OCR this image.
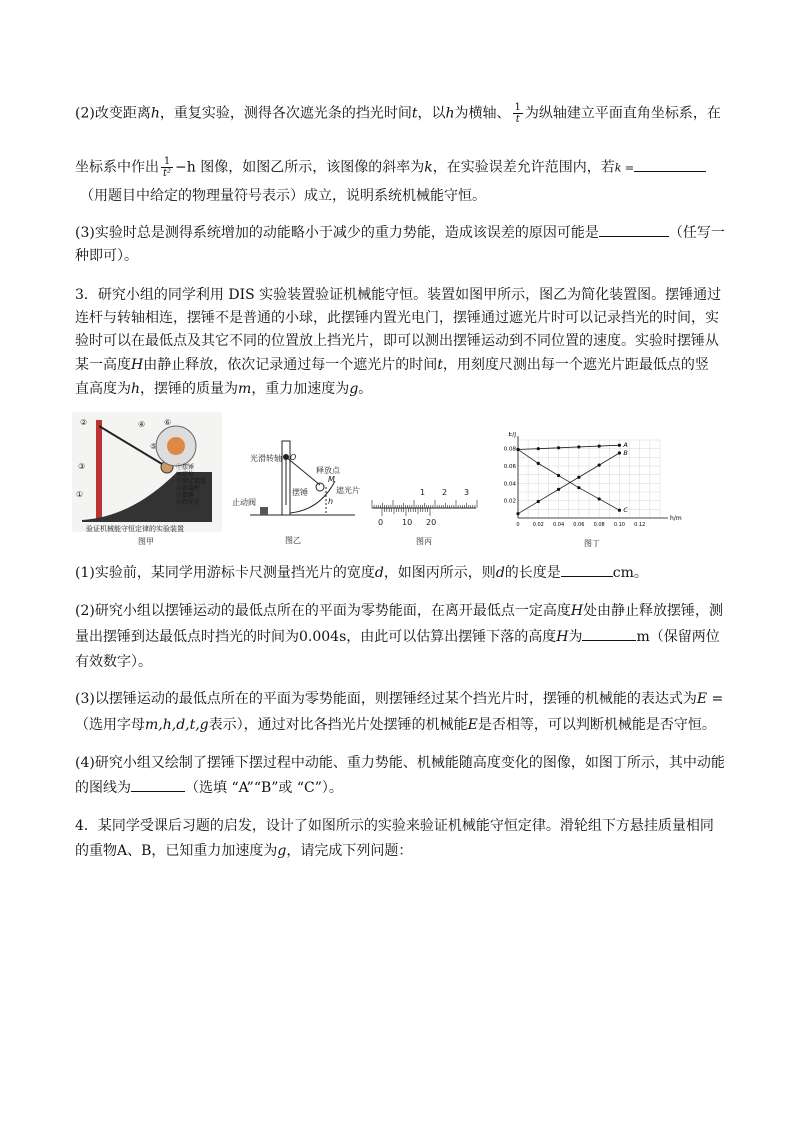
(2)改变距离h，重复实验，测得各次遮光条的挡光时间t，以h为横轴、 $\frac{1}{t}$ 为纵轴建立平面直角坐标系，在
坐标系中作出 $\frac{1}{\text{t²}} -h$ 图像，如图乙所示，该图像的斜率为k，在实验误差允许范围内，若k =
（用题目中给定的物理量符号表示）成立，说明系统机械能守恒。
(3)实验时总是测得系统增加的动能略小于减少的重力势能，造成该误差的原因可能是	（任写一
种即可）。
3．研究小组的同学利用 DIS 实验装置验证机械能守恒。装置如图甲所示，图乙为简化装置图。摆锤通过
连杆与转轴相连，摆锤不是普通的小球，此摆锤内置光电门，摆锤通过遮光片时可以记录挡光的时间，实
验时可以在最低点及其它不同的位置放上挡光片，即可以测出摆锤运动到不同位置的速度。实验时摆锤从
某一高度H由静止释放，依次记录通过每一个遮光片的时间t，用刻度尺测出每一个遮光片距最低点的竖
直高度为h，摆锤的质量为m，重力加速度为g。
②	④
③
①
⑤
⑥
①摆锤
②定位
③固定装置
④连接杆
⑤摆锤
⑥挡光片
验证机械能守恒定律的实验装置
图甲
光滑转轴 O
释放点
M
遮光片
摆锤
止动阀	h
图乙
1 2 3
0 10 20
图丙
E/J
h/m
0.02
0.04
0.06
0.08
0	0.02 0.04 0.06 0.08 0.10 0.12
A
B
C
图丁
(1)实验前，某同学用游标卡尺测量挡光片的宽度d，如图丙所示，则d的长度是	cm。
(2)研究小组以摆锤运动的最低点所在的平面为零势能面，在离开最低点一定高度H处由静止释放摆锤，测
量出摆锤到达最低点时挡光的时间为0.004s，由此可以估算出摆锤下落的高度H为	m（保留两位
有效数字）。
(3)以摆锤运动的最低点所在的平面为零势能面，则摆锤经过某个挡光片时，摆锤的机械能的表达式为E =
（选用字母m,h,d,t,g表示），通过对比各挡光片处摆锤的机械能E是否相等，可以判断机械能是否守恒。
(4)研究小组又绘制了摆锤下摆过程中动能、重力势能、机械能随高度变化的图像，如图丁所示，其中动能
的图线为	（选填 “A”“B”或 “C”）。
4．某同学受课后习题的启发，设计了如图所示的实验来验证机械能守恒定律。滑轮组下方悬挂质量相同
的重物A、B，已知重力加速度为g，请完成下列问题：
